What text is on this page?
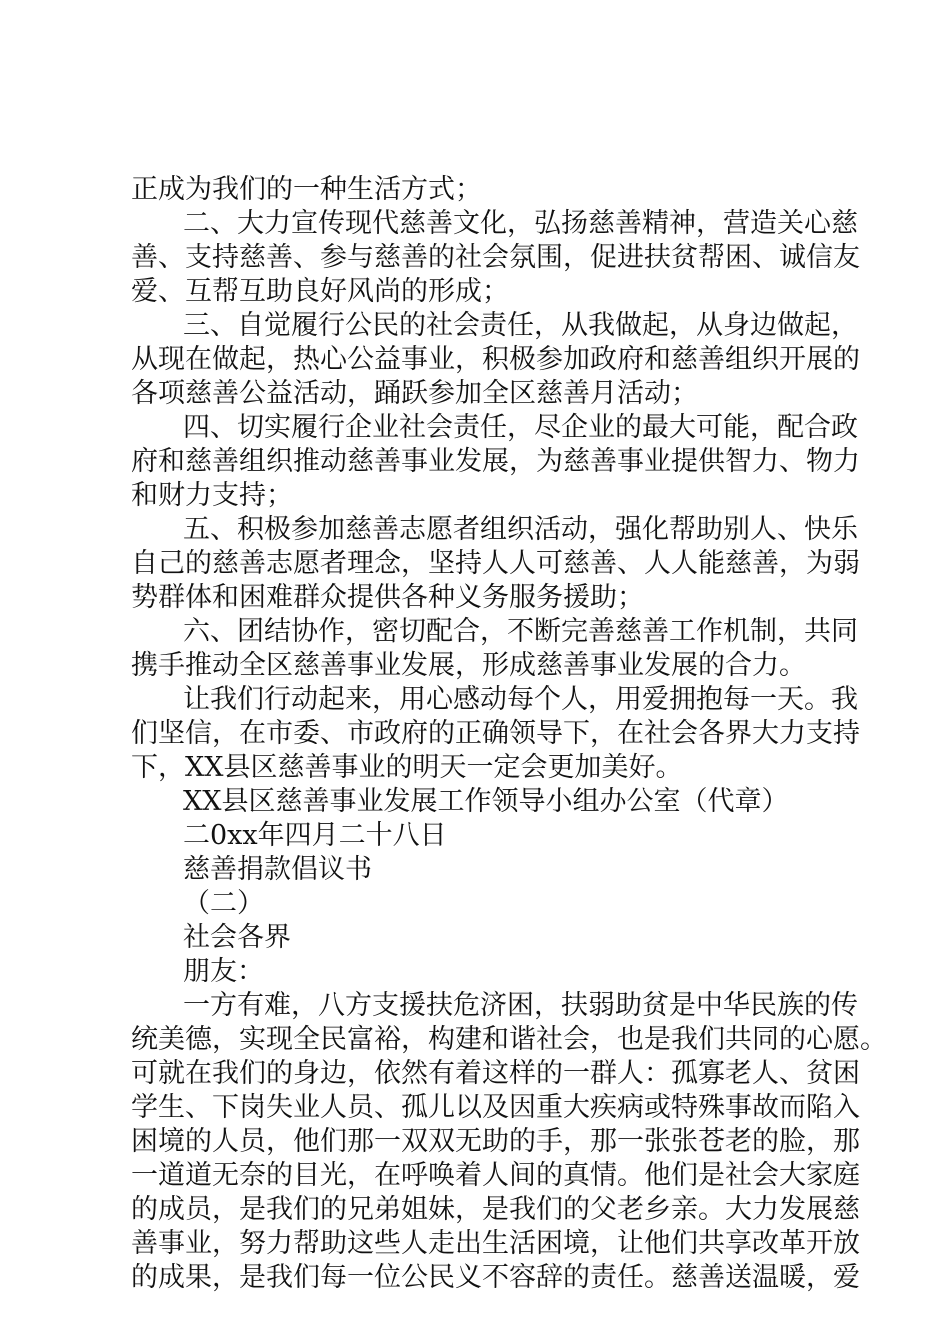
正成为我们的一种生活方式；
二、大力宣传现代慈善文化，弘扬慈善精神，营造关心慈
善、支持慈善、参与慈善的社会氛围，促进扶贫帮困、诚信友
爱、互帮互助良好风尚的形成；
三、自觉履行公民的社会责任，从我做起，从身边做起，
从现在做起，热心公益事业，积极参加政府和慈善组织开展的
各项慈善公益活动，踊跃参加全区慈善月活动；
四、切实履行企业社会责任，尽企业的最大可能，配合政
府和慈善组织推动慈善事业发展，为慈善事业提供智力、物力
和财力支持；
五、积极参加慈善志愿者组织活动，强化帮助别人、快乐
自己的慈善志愿者理念，坚持人人可慈善、人人能慈善，为弱
势群体和困难群众提供各种义务服务援助；
六、团结协作，密切配合，不断完善慈善工作机制，共同
携手推动全区慈善事业发展，形成慈善事业发展的合力。
让我们行动起来，用心感动每个人，用爱拥抱每一天。我
们坚信，在市委、市政府的正确领导下，在社会各界大力支持
下，XX县区慈善事业的明天一定会更加美好。
XX县区慈善事业发展工作领导小组办公室（代章）
二0xx年四月二十八日
慈善捐款倡议书
（二）
社会各界
朋友：
一方有难，八方支援扶危济困，扶弱助贫是中华民族的传
统美德，实现全民富裕，构建和谐社会，也是我们共同的心愿。
可就在我们的身边，依然有着这样的一群人：孤寡老人、贫困
学生、下岗失业人员、孤儿以及因重大疾病或特殊事故而陷入
困境的人员，他们那一双双无助的手，那一张张苍老的脸，那
一道道无奈的目光，在呼唤着人间的真情。他们是社会大家庭
的成员，是我们的兄弟姐妹，是我们的父老乡亲。大力发展慈
善事业，努力帮助这些人走出生活困境，让他们共享改革开放
的成果，是我们每一位公民义不容辞的责任。慈善送温暖，爱
